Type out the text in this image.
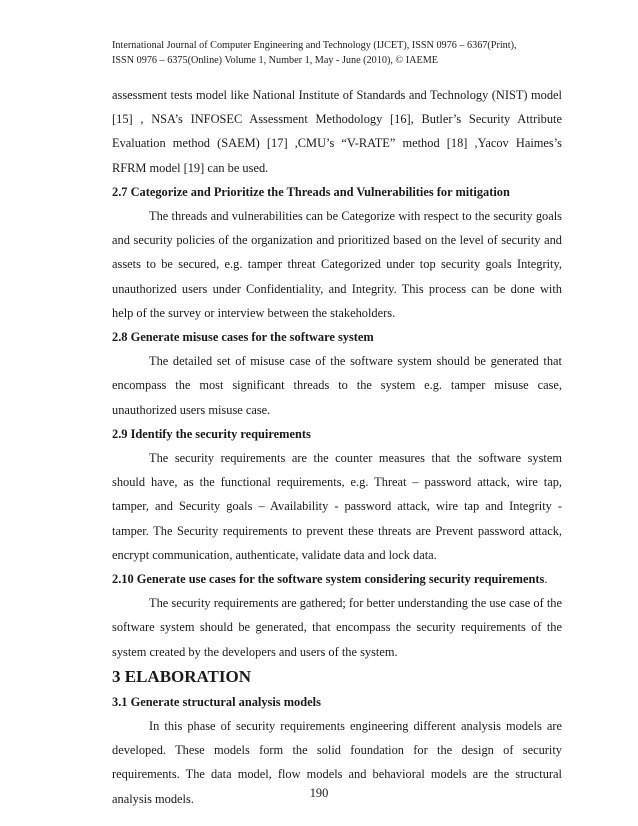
International Journal of Computer Engineering and Technology (IJCET), ISSN 0976 – 6367(Print),
ISSN 0976 – 6375(Online) Volume 1, Number 1, May - June (2010), © IAEME

assessment tests model like National Institute of Standards and Technology (NIST) model [15] , NSA’s INFOSEC Assessment Methodology [16], Butler’s Security Attribute Evaluation method (SAEM) [17] ,CMU’s “V-RATE” method [18] ,Yacov Haimes’s RFRM model [19] can be used.

2.7 Categorize and Prioritize the Threads and Vulnerabilities for mitigation

The threads and vulnerabilities can be Categorize with respect to the security goals and security policies of the organization and prioritized based on the level of security and assets to be secured, e.g. tamper threat Categorized under top security goals Integrity, unauthorized users under Confidentiality, and Integrity. This process can be done with help of the survey or interview between the stakeholders.

2.8 Generate misuse cases for the software system

The detailed set of misuse case of the software system should be generated that encompass the most significant threads to the system e.g. tamper misuse case, unauthorized users misuse case.

2.9 Identify the security requirements

The security requirements are the counter measures that the software system should have, as the functional requirements, e.g. Threat – password attack, wire tap, tamper, and Security goals – Availability - password attack, wire tap and Integrity - tamper. The Security requirements to prevent these threats are Prevent password attack, encrypt communication, authenticate, validate data and lock data.

2.10 Generate use cases for the software system considering security requirements.

The security requirements are gathered; for better understanding the use case of the software system should be generated, that encompass the security requirements of the system created by the developers and users of the system.

3 ELABORATION
3.1 Generate structural analysis models

In this phase of security requirements engineering different analysis models are developed. These models form the solid foundation for the design of security requirements. The data model, flow models and behavioral models are the structural analysis models.	190
